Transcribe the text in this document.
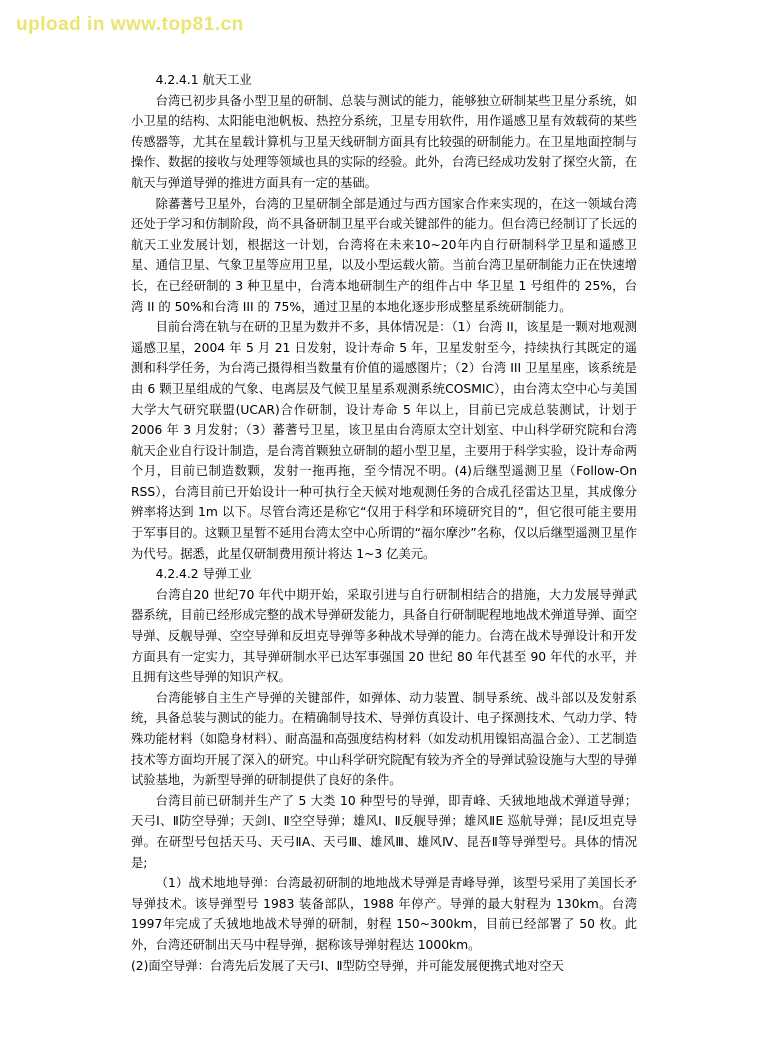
upload in www.top81.cn

4.2.4.1 航天工业

台湾已初步具备小型卫星的研制、总装与测试的能力，能够独立研制某些卫星分系统，如小卫星的结构、太阳能电池帆板、热控分系统，卫星专用软件，用作遥感卫星有效载荷的某些传感器等，尤其在星载计算机与卫星天线研制方面具有比较强的研制能力。在卫星地面控制与操作、数据的接收与处理等领域也具的实际的经验。此外，台湾已经成功发射了探空火箭，在航天与弹道导弹的推进方面具有一定的基础。

除蕃蓍号卫星外，台湾的卫星研制全部是通过与西方国家合作来实现的，在这一领域台湾还处于学习和仿制阶段，尚不具备研制卫星平台或关键部件的能力。但台湾已经制订了长远的航天工业发展计划，根据这一计划，台湾将在未来10~20年内自行研制科学卫星和遥感卫星、通信卫星、气象卫星等应用卫星，以及小型运载火箭。当前台湾卫星研制能力正在快速增长，在已经研制的 3 种卫星中，台湾本地研制生产的组件占中 华卫星 1 号组件的 25%，台湾 II 的 50%和台湾 III 的 75%，通过卫星的本地化逐步形成整星系统研制能力。

目前台湾在轨与在研的卫星为数并不多，具体情况是：（1）台湾 II，该星是一颗对地观测遥感卫星，2004 年 5 月 21 日发射，设计寿命 5 年，卫星发射至今，持续执行其既定的遥测和科学任务，为台湾己摄得相当数量有价值的遥感图片；（2）台湾 III 卫星星座，该系统是由 6 颗卫星组成的气象、电离层及气候卫星星系观测系统COSMIC），由台湾太空中心与美国大学大气研究联盟(UCAR)合作研制，设计寿命 5 年以上，目前已完成总装测试，计划于 2006 年 3 月发射；（3）蕃蓍号卫星，该卫星由台湾原太空计划室、中山科学研究院和台湾航天企业自行设计制造，是台湾首颗独立研制的超小型卫星，主要用于科学实验，设计寿命两个月，目前已制造数颗，发射一拖再拖，至今情况不明。(4)后继型遥测卫星（Follow-On RSS），台湾目前已开始设计一种可执行全天候对地观测任务的合成孔径雷达卫星，其成像分辨率将达到 1m 以下。尽管台湾还是称它“仅用于科学和环境研究目的”，但它很可能主要用于军事目的。这颗卫星暂不延用台湾太空中心所谓的“福尔摩沙”名称，仅以后继型遥测卫星作为代号。据悉，此星仅研制费用预计将达 1~3 亿美元。

4.2.4.2 导弹工业

台湾自20 世纪70 年代中期开始，采取引进与自行研制相结合的措施，大力发展导弹武器系统，目前已经形成完整的战术导弹研发能力，具备自行研制昵程地地战术弹道导弹、面空导弹、反舰导弹、空空导弹和反坦克导弹等多种战术导弹的能力。台湾在战术导弹设计和开发方面具有一定实力，其导弹研制水平已达军事强国 20 世纪 80 年代甚至 90 年代的水平，并且拥有这些导弹的知识产权。

台湾能够自主生产导弹的关键部件，如弹体、动力装置、制导系统、战斗部以及发射系统，具备总装与测试的能力。在精确制导技术、导弹仿真设计、电子探测技术、气动力学、特殊功能材料（如隐身材料）、耐高温和高强度结构材料（如发动机用镍铝高温合金）、工艺制造技术等方面均开展了深入的研究。中山科学研究院配有较为齐全的导弹试验设施与大型的导弹试验基地，为新型导弹的研制提供了良好的条件。

台湾目前已研制并生产了 5 大类 10 种型号的导弹，即青峰、夭狨地地战术弹道导弹；天弓Ⅰ、Ⅱ防空导弹；天剑Ⅰ、Ⅱ空空导弹；雄风Ⅰ、Ⅱ反舰导弹；雄风ⅡE 巡航导弹；昆Ⅰ反坦克导弹。在研型号包括天马、天弓ⅡA、天弓Ⅲ、雄风Ⅲ、雄风Ⅳ、昆吾Ⅱ等导弹型号。具体的情况是;

（1）战术地地导弹：台湾最初研制的地地战术导弹是青峰导弹，该型号采用了美国长矛导弹技术。该导弹型号 1983 装备部队，1988 年停产。导弹的最大射程为 130km。台湾1997年完成了夭狨地地战术导弹的研制，射程 150~300km，目前已经部署了 50 枚。此外，台湾还研制出天马中程导弹，据称该导弹射程达 1000km。

(2)面空导弹：台湾先后发展了天弓Ⅰ、Ⅱ型防空导弹，并可能发展便携式地对空天
